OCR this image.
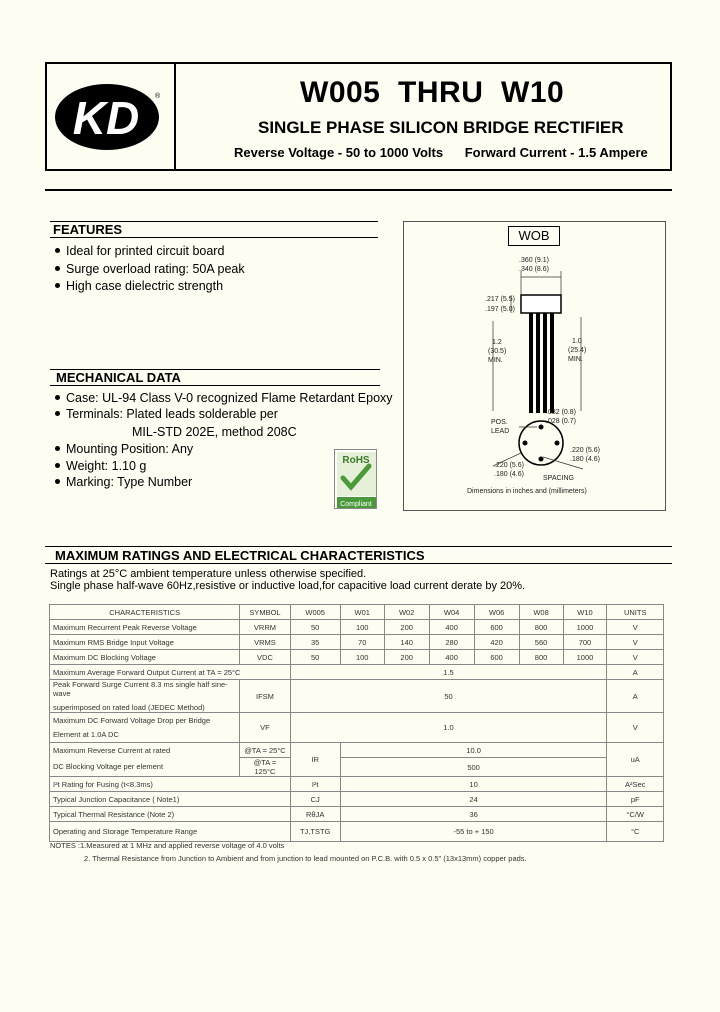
KD ®	W005  THRU  W10
SINGLE PHASE SILICON BRIDGE RECTIFIER
Reverse Voltage - 50 to 1000 Volts      Forward Current - 1.5 Ampere
FEATURES
Ideal for printed circuit board
Surge overload rating: 50A peak
High case dielectric strength
MECHANICAL DATA
Case: UL-94 Class V-0 recognized Flame Retardant Epoxy
Terminals: Plated leads solderable per
MIL-STD 202E, method 208C
Mounting Position: Any
Weight: 1.10 g
Marking: Type Number
RoHS
Compliant
WOB
.360 (9.1)
.340 (8.6)
.217 (5.5)
.197 (5.0)
1.2
(30.5)
MIN.
1.0
(25.4)
MIN.
.032 (0.8)
.028 (0.7)
POS.
LEAD
.220 (5.6)
.180 (4.6)
.220 (5.6)
.180 (4.6)
SPACING
Dimensions in inches and (millimeters)
MAXIMUM RATINGS AND ELECTRICAL CHARACTERISTICS
Ratings at 25°C ambient temperature unless otherwise specified.
Single phase half-wave 60Hz,resistive or inductive load,for capacitive load current derate by 20%.
CHARACTERISTICS	SYMBOL	W005	W01	W02	W04	W06	W08	W10	UNITS
Maximum Recurrent Peak Reverse Voltage	VRRM	50	100	200	400	600	800	1000	V
Maximum RMS Bridge Input Voltage	VRMS	35	70	140	280	420	560	700	V
Maximum DC Blocking Voltage	VDC	50	100	200	400	600	800	1000	V
Maximum Average Forward Output Current at TA = 25°C		1.5							A

Peak Forward Surge Current 8.3 ms single half sine-wave
superimposed on rated load (JEDEC Method)	IFSM	50							A

Maximum DC Forward Voltage Drop per Bridge
Element at 1.0A DC	VF	1.0							V
Maximum Reverse Current at rated	@TA = 25°C	IR	10.0						uA
DC Blocking Voltage per element	@TA = 125°C		500						
I²t Rating for Fusing (t<8.3ms)		I²t	10						A²Sec
Typical Junction Capacitance ( Note1)		CJ	24						pF
Typical Thermal Resistance (Note 2)		RθJA	36						°C/W
Operating and Storage Temperature Range		TJ,TSTG	-55 to + 150						°C
NOTES :1.Measured at 1 MHz and applied reverse voltage of 4.0 volts
2. Thermal Resistance from Junction to Ambient and from junction to lead mounted on P.C.B. with 0.5 x 0.5" (13x13mm) copper pads.
